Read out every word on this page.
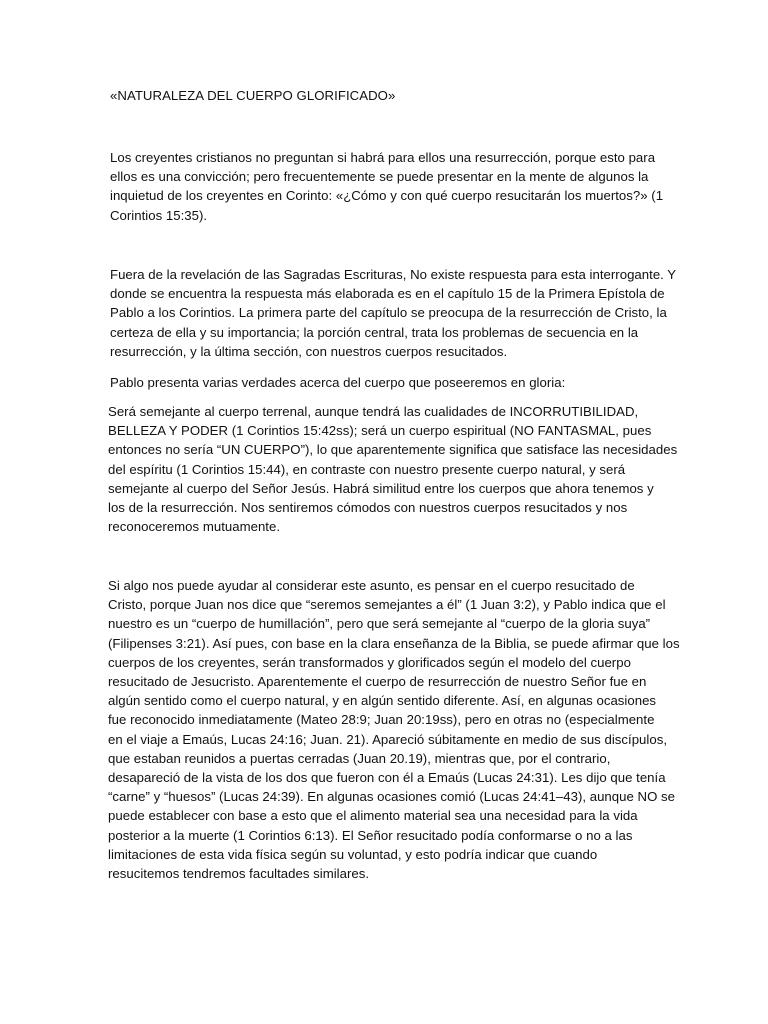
«NATURALEZA DEL CUERPO GLORIFICADO»
Los creyentes cristianos no preguntan si habrá para ellos una resurrección, porque esto para
ellos es una convicción; pero frecuentemente se puede presentar en la mente de algunos la
inquietud de los creyentes en Corinto: «¿Cómo y con qué cuerpo resucitarán los muertos?» (1
Corintios 15:35).
Fuera de la revelación de las Sagradas Escrituras, No existe respuesta para esta interrogante. Y
donde se encuentra la respuesta más elaborada es en el capítulo 15 de la Primera Epístola de
Pablo a los Corintios. La primera parte del capítulo se preocupa de la resurrección de Cristo, la
certeza de ella y su importancia; la porción central, trata los problemas de secuencia en la
resurrección, y la última sección, con nuestros cuerpos resucitados.
Pablo presenta varias verdades acerca del cuerpo que poseeremos en gloria:
Será semejante al cuerpo terrenal, aunque tendrá las cualidades de INCORRUTIBILIDAD,
BELLEZA Y PODER (1 Corintios 15:42ss); será un cuerpo espiritual (NO FANTASMAL, pues
entonces no sería “UN CUERPO”), lo que aparentemente significa que satisface las necesidades
del espíritu (1 Corintios 15:44), en contraste con nuestro presente cuerpo natural, y será
semejante al cuerpo del Señor Jesús. Habrá similitud entre los cuerpos que ahora tenemos y
los de la resurrección. Nos sentiremos cómodos con nuestros cuerpos resucitados y nos
reconoceremos mutuamente.
Si algo nos puede ayudar al considerar este asunto, es pensar en el cuerpo resucitado de
Cristo, porque Juan nos dice que “seremos semejantes a él” (1 Juan 3:2), y Pablo indica que el
nuestro es un “cuerpo de humillación”, pero que será semejante al “cuerpo de la gloria suya”
(Filipenses 3:21). Así pues, con base en la clara enseñanza de la Biblia, se puede afirmar que los
cuerpos de los creyentes, serán transformados y glorificados según el modelo del cuerpo
resucitado de Jesucristo. Aparentemente el cuerpo de resurrección de nuestro Señor fue en
algún sentido como el cuerpo natural, y en algún sentido diferente. Así, en algunas ocasiones
fue reconocido inmediatamente (Mateo 28:9; Juan 20:19ss), pero en otras no (especialmente
en el viaje a Emaús, Lucas 24:16; Juan. 21). Apareció súbitamente en medio de sus discípulos,
que estaban reunidos a puertas cerradas (Juan 20.19), mientras que, por el contrario,
desapareció de la vista de los dos que fueron con él a Emaús (Lucas 24:31). Les dijo que tenía
“carne” y “huesos” (Lucas 24:39). En algunas ocasiones comió (Lucas 24:41–43), aunque NO se
puede establecer con base a esto que el alimento material sea una necesidad para la vida
posterior a la muerte (1 Corintios 6:13). El Señor resucitado podía conformarse o no a las
limitaciones de esta vida física según su voluntad, y esto podría indicar que cuando
resucitemos tendremos facultades similares.
